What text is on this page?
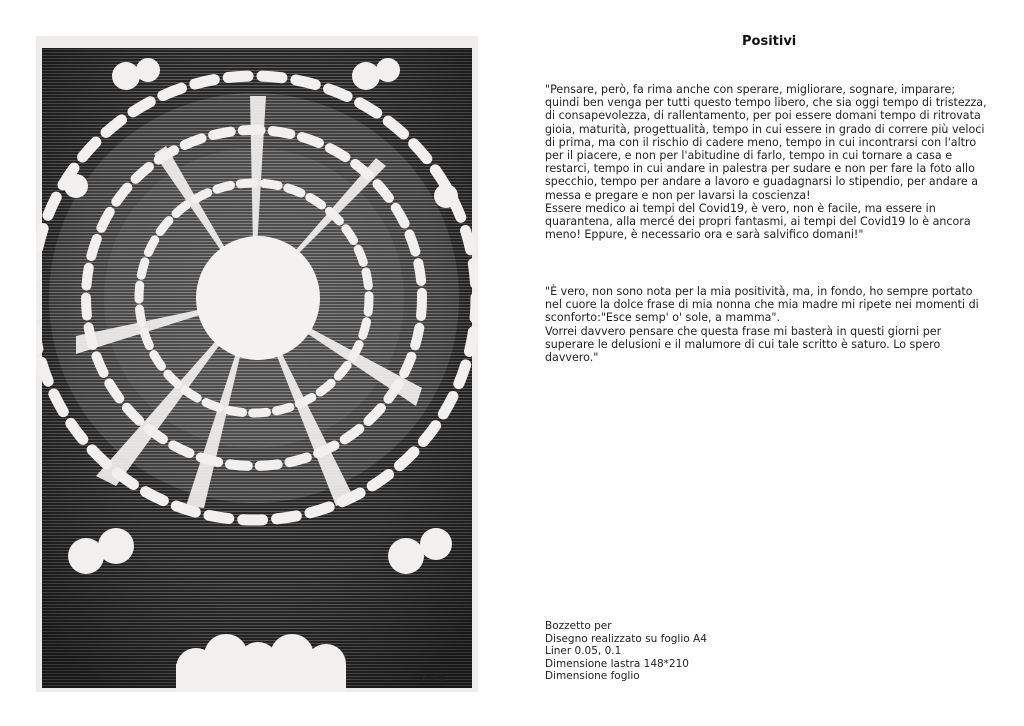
Smrti
Positivi

"Pensare, però, fa rima anche con sperare, migliorare, sognare, imparare; quindi ben venga per tutti questo tempo libero, che sia oggi tempo di tristezza, di consapevolezza, di rallentamento, per poi essere domani tempo di ritrovata gioia, maturità, progettualità, tempo in cui essere in grado di correre più veloci di prima, ma con il rischio di cadere meno, tempo in cui incontrarsi con l'altro per il piacere, e non per l'abitudine di farlo, tempo in cui tornare a casa e restarci, tempo in cui andare in palestra per sudare e non per fare la foto allo specchio, tempo per andare a lavoro e guadagnarsi lo stipendio, per andare a messa e pregare e non per lavarsi la coscienza!

Essere medico ai tempi del Covid19, è vero, non è facile, ma essere in quarantena, alla mercé dei propri fantasmi, ai tempi del Covid19 lo è ancora meno! Eppure, è necessario ora e sarà salvifico domani!"

"È vero, non sono nota per la mia positività, ma, in fondo, ho sempre portato nel cuore la dolce frase di mia nonna che mia madre mi ripete nei momenti di sconforto:"Esce semp' o' sole, a mamma".

Vorrei davvero pensare che questa frase mi basterà in questi giorni per superare le delusioni e il malumore di cui tale scritto è saturo. Lo spero davvero."

Bozzetto per
Disegno realizzato su foglio A4
Liner 0.05, 0.1
Dimensione lastra 148*210
Dimensione foglio
